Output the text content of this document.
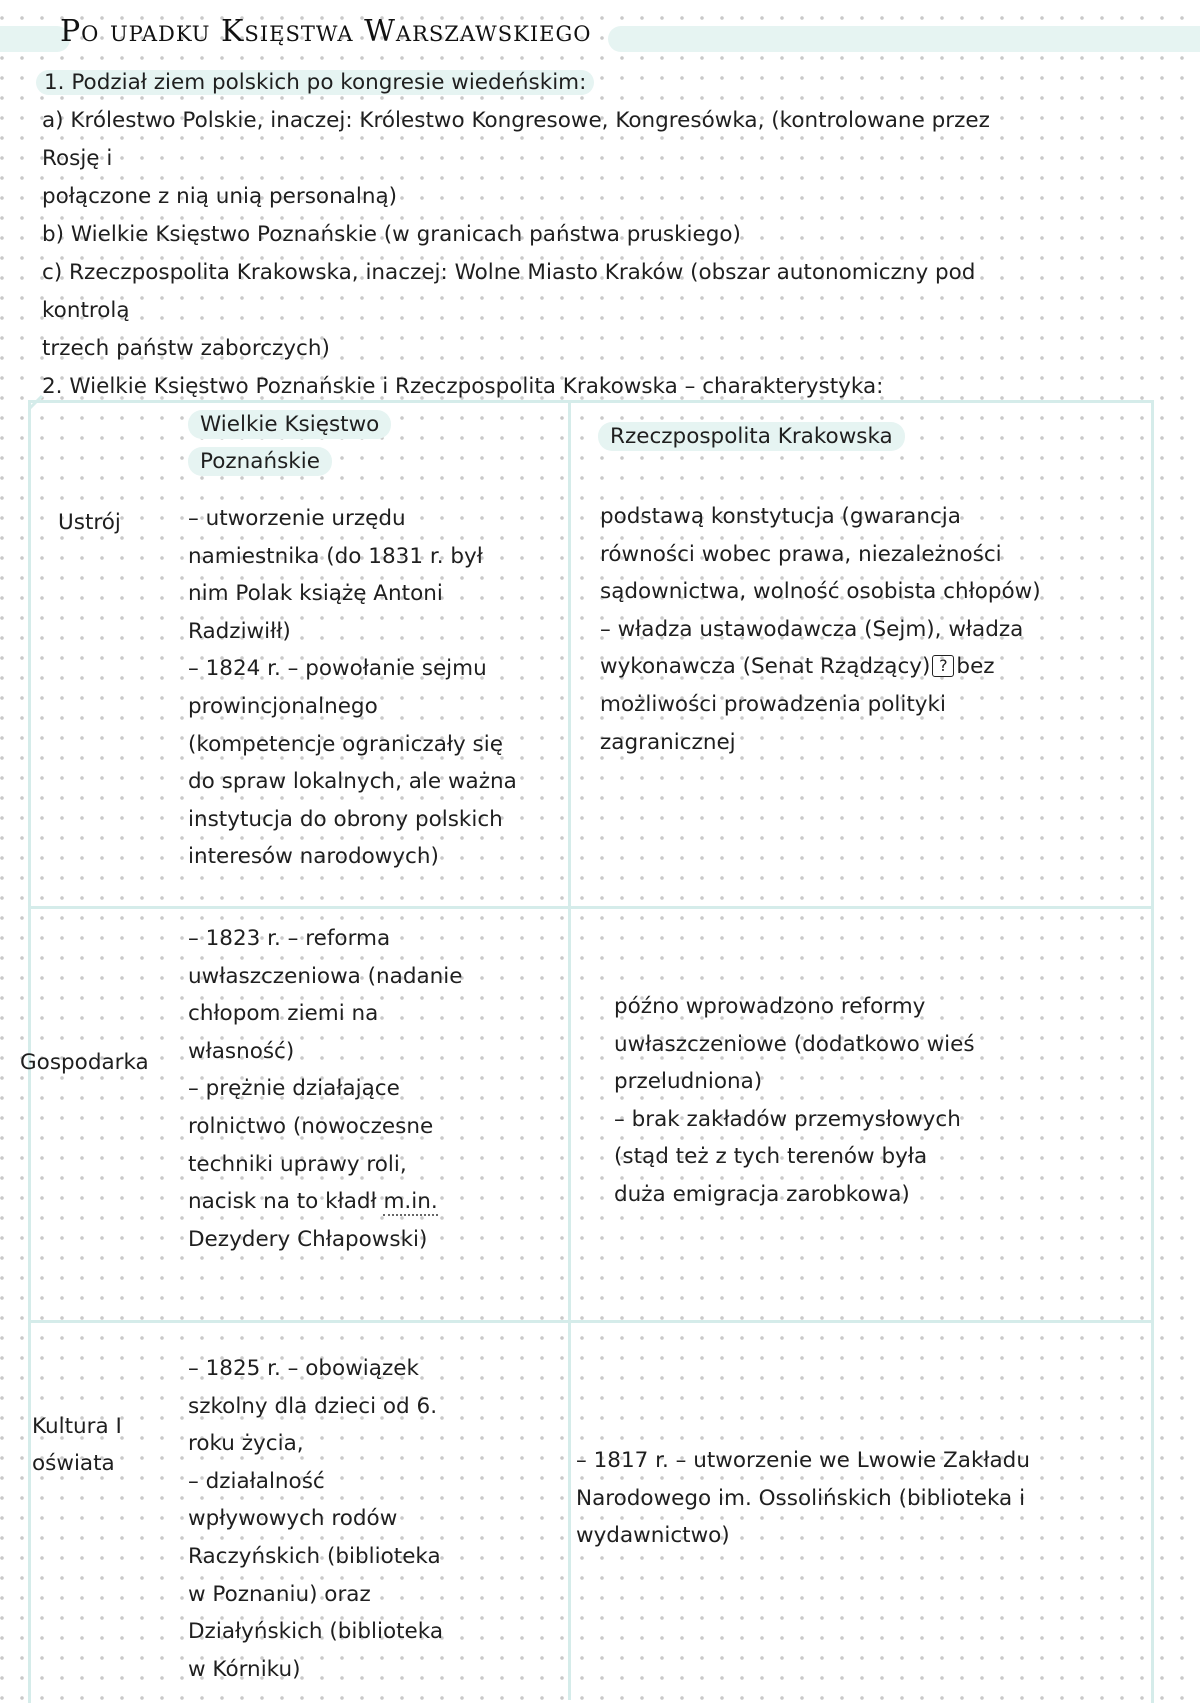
Po upadku Księstwa Warszawskiego
1. Podział ziem polskich po kongresie wiedeńskim:
a) Królestwo Polskie, inaczej: Królestwo Kongresowe, Kongresówka, (kontrolowane przez
Rosję i
połączone z nią unią personalną)
b) Wielkie Księstwo Poznańskie (w granicach państwa pruskiego)
c) Rzeczpospolita Krakowska, inaczej: Wolne Miasto Kraków (obszar autonomiczny pod
kontrolą
trzech państw zaborczych)
2. Wielkie Księstwo Poznańskie i Rzeczpospolita Krakowska – charakterystyka:
Wielkie Księstwo
Poznańskie
Rzeczpospolita Krakowska
Ustrój	– utworzenie urzędu
namiestnika (do 1831 r. był
nim Polak książę Antoni
Radziwiłł)
– 1824 r. – powołanie sejmu
prowincjonalnego
(kompetencje ograniczały się
do spraw lokalnych, ale ważna
instytucja do obrony polskich
interesów narodowych)
podstawą konstytucja (gwarancja
równości wobec prawa, niezależności
sądownictwa, wolność osobista chłopów)
– władza ustawodawcza (Sejm), władza
wykonawcza (Senat Rządzący) ? bez
możliwości prowadzenia polityki
zagranicznej
Gospodarka
– 1823 r. – reforma
uwłaszczeniowa (nadanie
chłopom ziemi na
własność)
– prężnie działające
rolnictwo (nowoczesne
techniki uprawy roli,
nacisk na to kładł m.in.
Dezydery Chłapowski)
późno wprowadzono reformy
uwłaszczeniowe (dodatkowo wieś
przeludniona)
– brak zakładów przemysłowych
(stąd też z tych terenów była
duża emigracja zarobkowa)
Kultura I
oświata
– 1825 r. – obowiązek
szkolny dla dzieci od 6.
roku życia,
– działalność
wpływowych rodów
Raczyńskich (biblioteka
w Poznaniu) oraz
Działyńskich (biblioteka
w Kórniku)
– 1817 r. – utworzenie we Lwowie Zakładu
Narodowego im. Ossolińskich (biblioteka i
wydawnictwo)
